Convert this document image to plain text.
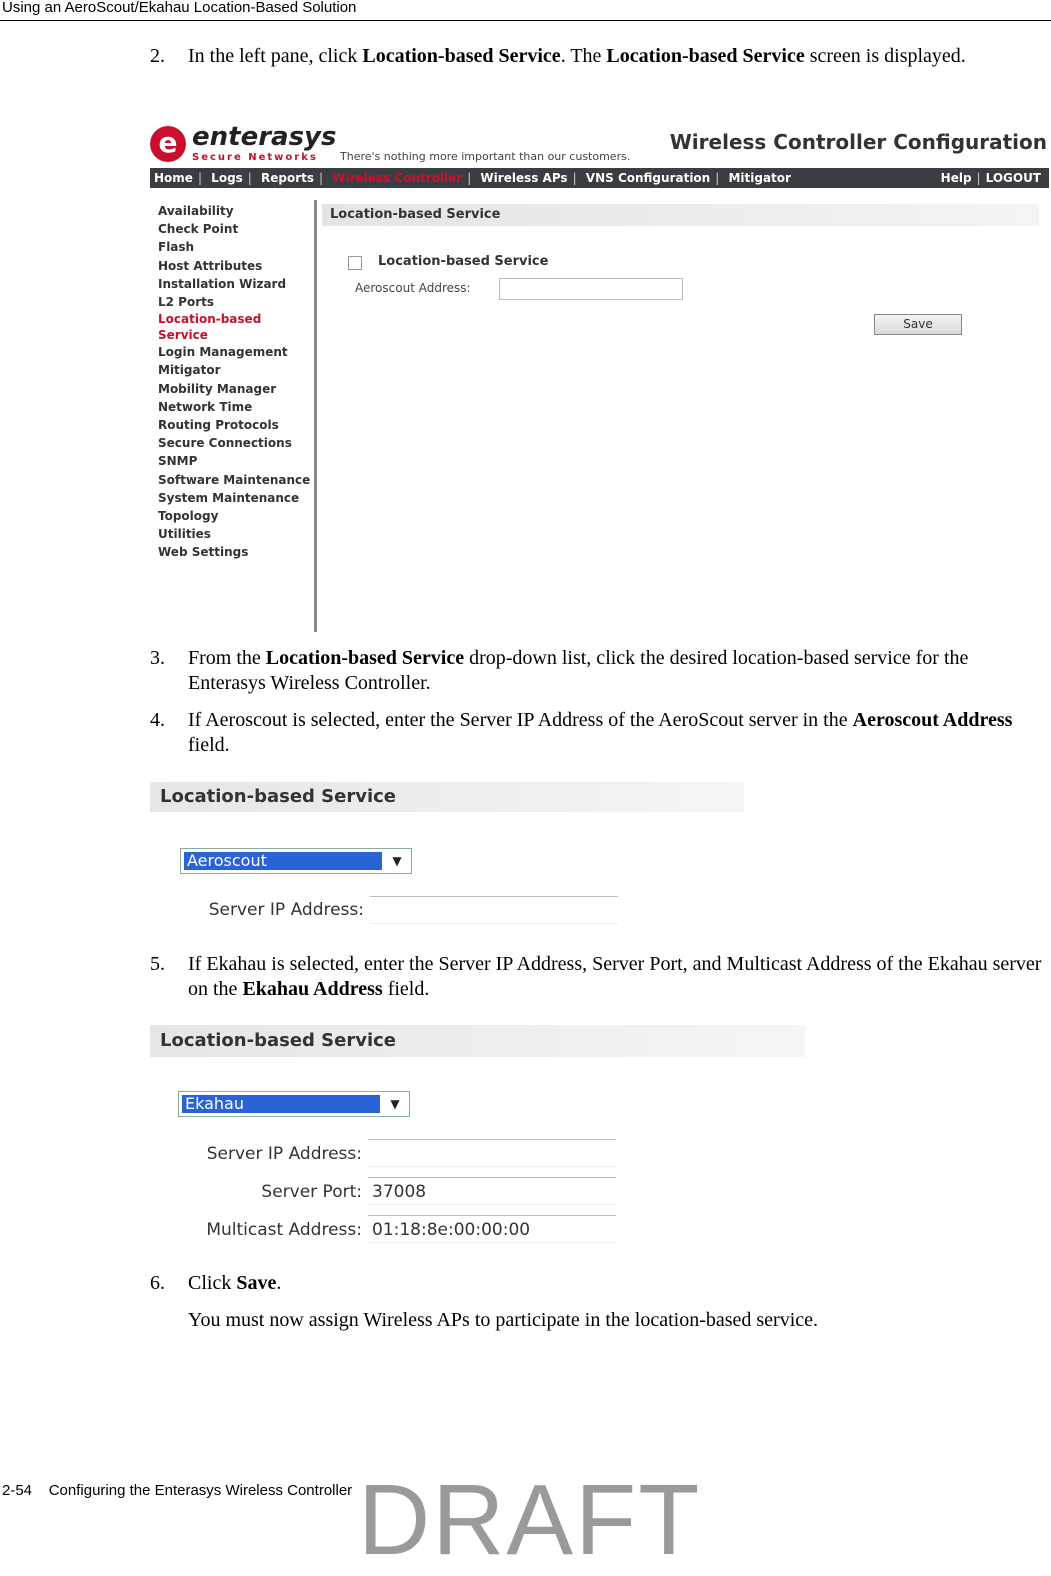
Using an AeroScout/Ekahau Location-Based Solution
2. In the left pane, click Location-based Service. The Location-based Service screen is displayed.
e enterasys
Secure Networks There's nothing more important than our customers.
Wireless Controller Configuration
Home | Logs | Reports | Wireless Controller | Wireless APs | VNS Configuration | Mitigator	Help | LOGOUT
Availability
Check Point
Flash
Host Attributes
Installation Wizard
L2 Ports
Location-based Service
Login Management
Mitigator
Mobility Manager
Network Time
Routing Protocols
Secure Connections
SNMP
Software Maintenance
System Maintenance
Topology
Utilities
Web Settings
Location-based Service
Location-based Service
Aeroscout Address:
Save
3. From the Location-based Service drop-down list, click the desired location-based service for the Enterasys Wireless Controller.
4. If Aeroscout is selected, enter the Server IP Address of the AeroScout server in the Aeroscout Address field.
Location-based Service
Aeroscout	▼
Server IP Address:
5. If Ekahau is selected, enter the Server IP Address, Server Port, and Multicast Address of the Ekahau server on the Ekahau Address field.
Location-based Service
Ekahau	▼
Server IP Address:
Server Port: 37008
Multicast Address: 01:18:8e:00:00:00
6. Click Save.
You must now assign Wireless APs to participate in the location-based service.
DRAFT
2-54 Configuring the Enterasys Wireless Controller
